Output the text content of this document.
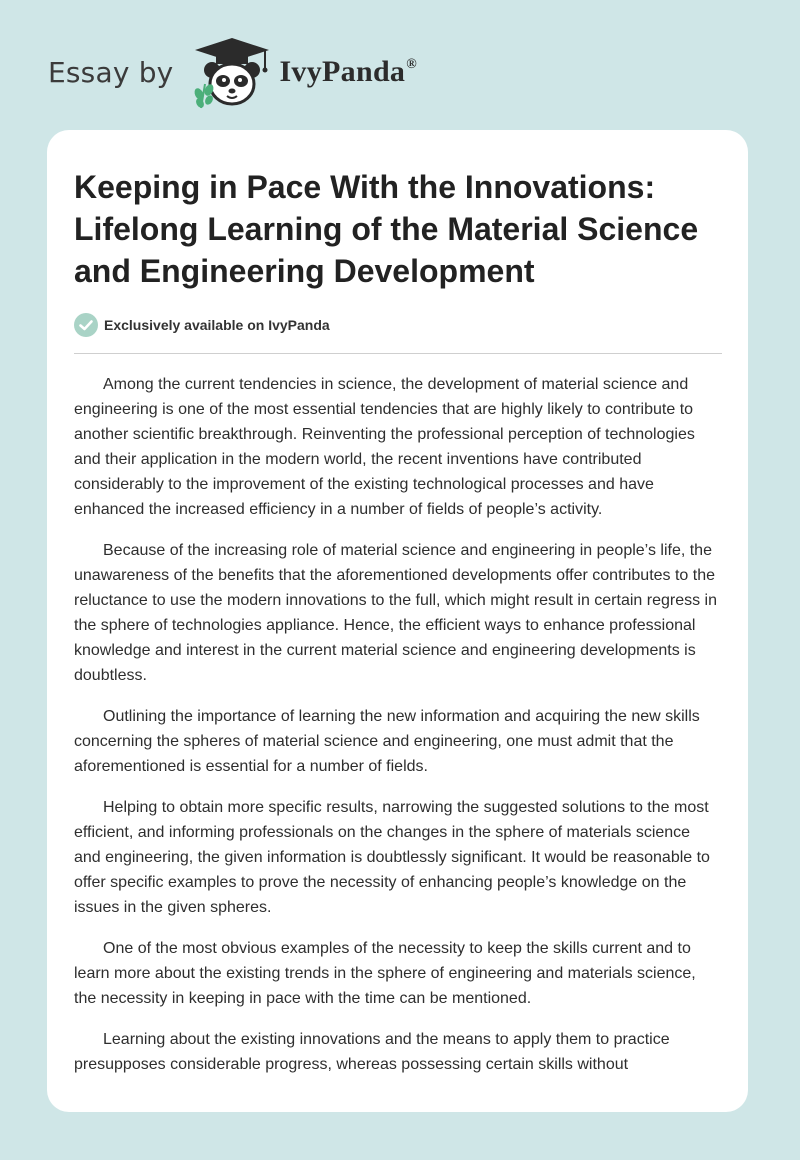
Essay by	IvyPanda®
Keeping in Pace With the Innovations: Lifelong Learning of the Material Science and Engineering Development
Exclusively available on IvyPanda

Among the current tendencies in science, the development of material science and engineering is one of the most essential tendencies that are highly likely to contribute to another scientific breakthrough. Reinventing the professional perception of technologies and their application in the modern world, the recent inventions have contributed considerably to the improvement of the existing technological processes and have enhanced the increased efficiency in a number of fields of people’s activity.

Because of the increasing role of material science and engineering in people’s life, the unawareness of the benefits that the aforementioned developments offer contributes to the reluctance to use the modern innovations to the full, which might result in certain regress in the sphere of technologies appliance. Hence, the efficient ways to enhance professional knowledge and interest in the current material science and engineering developments is doubtless.

Outlining the importance of learning the new information and acquiring the new skills concerning the spheres of material science and engineering, one must admit that the aforementioned is essential for a number of fields.

Helping to obtain more specific results, narrowing the suggested solutions to the most efficient, and informing professionals on the changes in the sphere of materials science and engineering, the given information is doubtlessly significant. It would be reasonable to offer specific examples to prove the necessity of enhancing people’s knowledge on the issues in the given spheres.

One of the most obvious examples of the necessity to keep the skills current and to learn more about the existing trends in the sphere of engineering and materials science, the necessity in keeping in pace with the time can be mentioned.

Learning about the existing innovations and the means to apply them to practice presupposes considerable progress, whereas possessing certain skills without
